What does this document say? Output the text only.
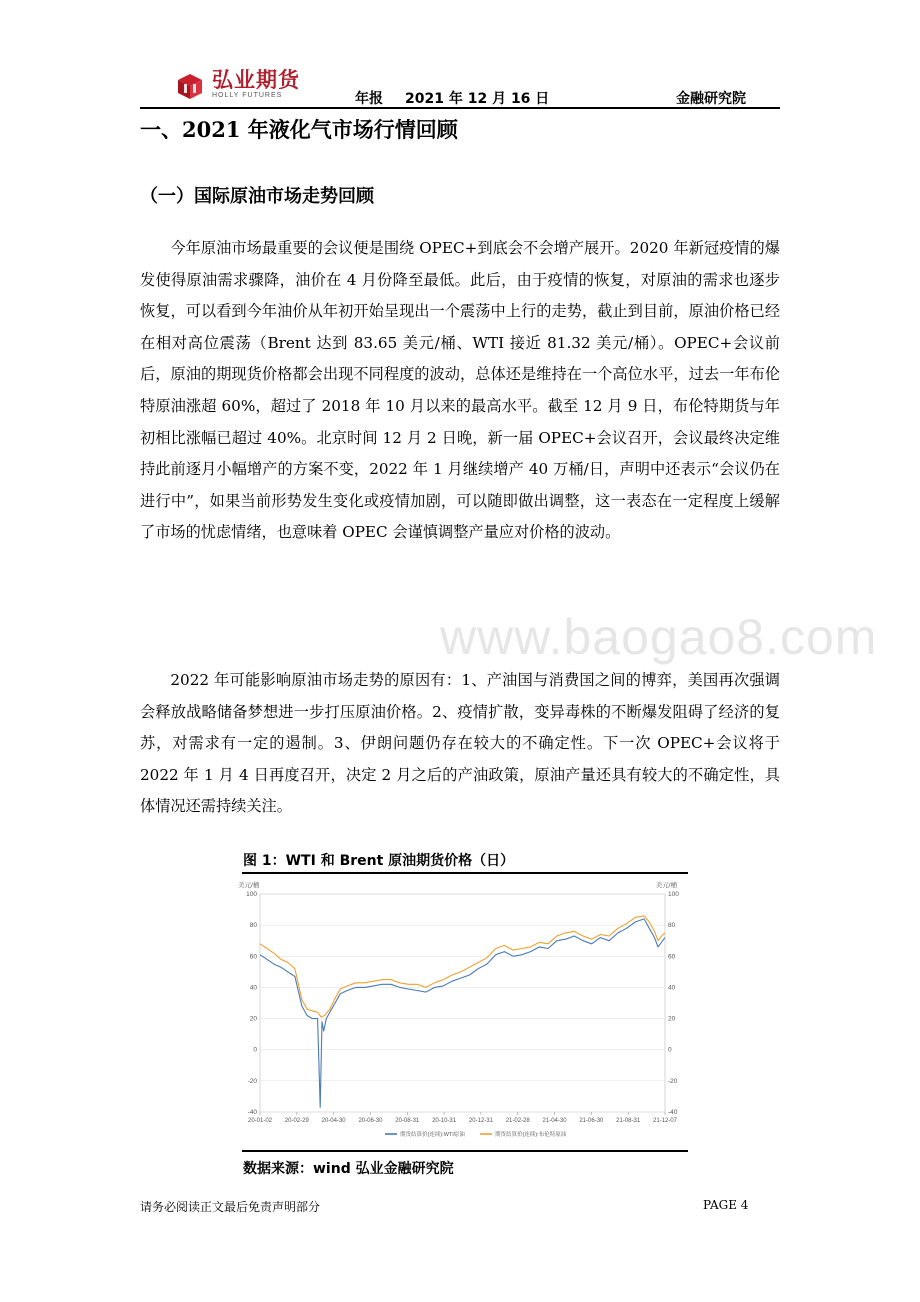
弘业期货
HOLLY FUTURES	年报 2021 年 12 月 16 日	金融研究院
一、2021 年液化气市场行情回顾
（一）国际原油市场走势回顾
www.baogao8.com

今年原油市场最重要的会议便是围绕 OPEC+到底会不会增产展开。2020 年新冠疫情的爆发使得原油需求骤降，油价在 4 月份降至最低。此后，由于疫情的恢复，对原油的需求也逐步恢复，可以看到今年油价从年初开始呈现出一个震荡中上行的走势，截止到目前，原油价格已经在相对高位震荡（Brent 达到 83.65 美元/桶、WTI 接近 81.32 美元/桶）。OPEC+会议前后，原油的期现货价格都会出现不同程度的波动，总体还是维持在一个高位水平，过去一年布伦特原油涨超 60%，超过了 2018 年 10 月以来的最高水平。截至 12 月 9 日，布伦特期货与年初相比涨幅已超过 40%。北京时间 12 月 2 日晚，新一届 OPEC+会议召开，会议最终决定维持此前逐月小幅增产的方案不变，2022 年 1 月继续增产 40 万桶/日，声明中还表示“会议仍在进行中”，如果当前形势发生变化或疫情加剧，可以随即做出调整，这一表态在一定程度上缓解了市场的忧虑情绪，也意味着 OPEC 会谨慎调整产量应对价格的波动。

2022 年可能影响原油市场走势的原因有：1、产油国与消费国之间的博弈，美国再次强调会释放战略储备梦想进一步打压原油价格。2、疫情扩散，变异毒株的不断爆发阻碍了经济的复苏，对需求有一定的遏制。3、伊朗问题仍存在较大的不确定性。下一次 OPEC+会议将于 2022 年 1 月 4 日再度召开，决定 2 月之后的产油政策，原油产量还具有较大的不确定性，具体情况还需持续关注。

图 1：WTI 和 Brent 原油期货价格（日）
-40	-40
-20	-20
0	0
20	20
40	40
60	60
80	80
100	100
美元/桶	美元/桶
20-01-02 20-02-29 20-04-30 20-06-30 20-08-31 20-10-31 20-12-31 21-02-28 21-04-30 21-06-30 21-08-31 21-12-07
期货结算价(连续):WTI原油	期货结算价(连续):布伦特原油
数据来源：wind 弘业金融研究院
请务必阅读正文最后免责声明部分	PAGE 4
